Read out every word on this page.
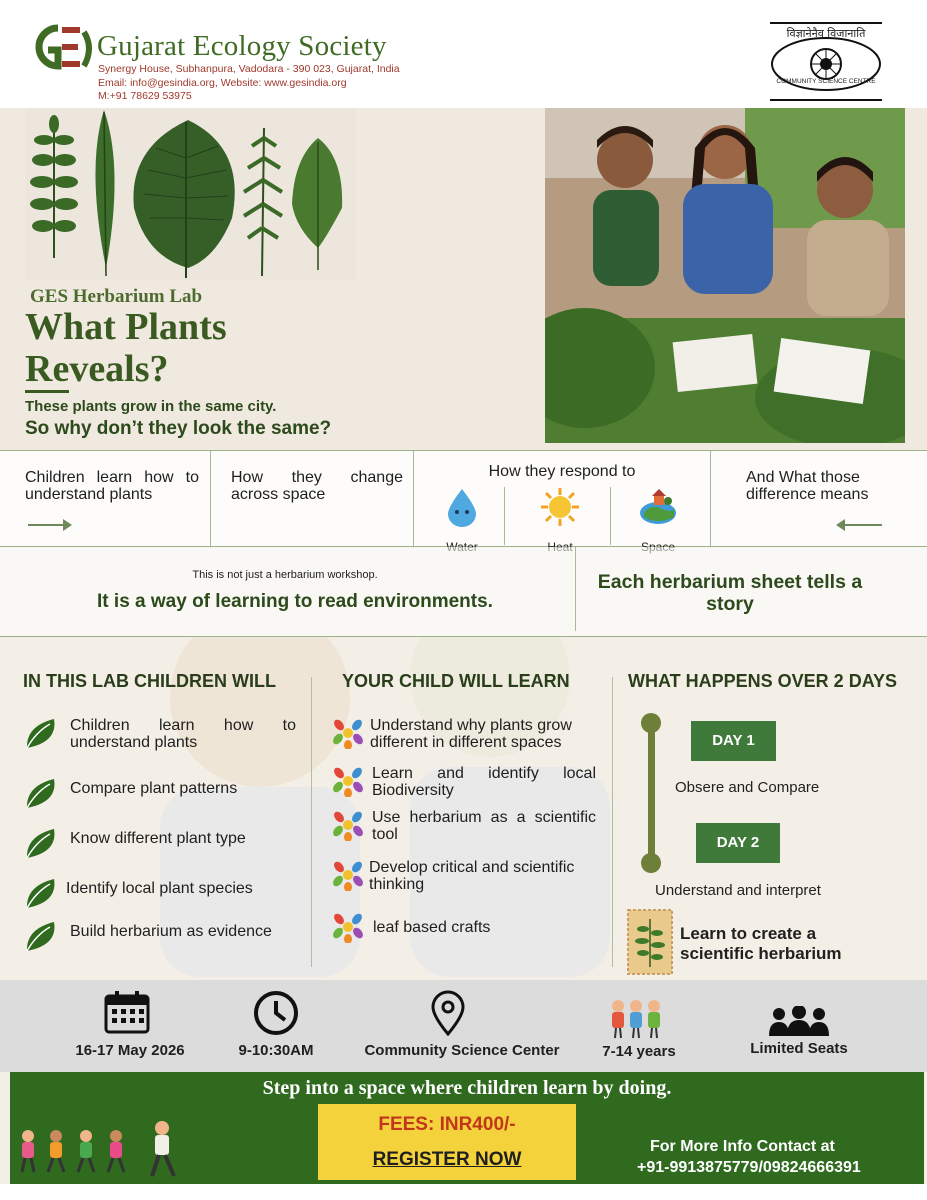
Gujarat Ecology Society
Synergy House, Subhanpura, Vadodara - 390 023, Gujarat, India
Email: info@gesindia.org, Website: www.gesindia.org
M:+91 78629 53975
विज्ञानेनैव विजानाति
COMMUNITY SCIENCE CENTRE
GES Herbarium Lab
What Plants
Reveals?
These plants grow in the same city.
So why don’t they look the same?
Children learn how to understand plants
How they change across space
How they respond to	And What those difference means
This is not just a herbarium workshop.
It is a way of learning to read environments.
Each herbarium sheet tells a story
IN THIS LAB CHILDREN WILL	YOUR CHILD WILL LEARN	WHAT HAPPENS OVER 2 DAYS
Children learn how to understand plants
Compare plant patterns
Know different plant type
Identify local plant species
Build herbarium as evidence
Understand why plants grow different in different spaces
Learn and identify local Biodiversity
Use herbarium as a scientific tool
Develop critical and scientific thinking
leaf based crafts
DAY 1
Obsere and Compare
DAY 2
Understand and interpret
Learn to create a
scientific herbarium
16-17 May 2026	9-10:30AM	Community Science Center	7-14 years	Limited Seats
Step into a space where children learn by doing.
FEES: INR400/-
REGISTER NOW
For More Info Contact at
+91-9913875779/09824666391
